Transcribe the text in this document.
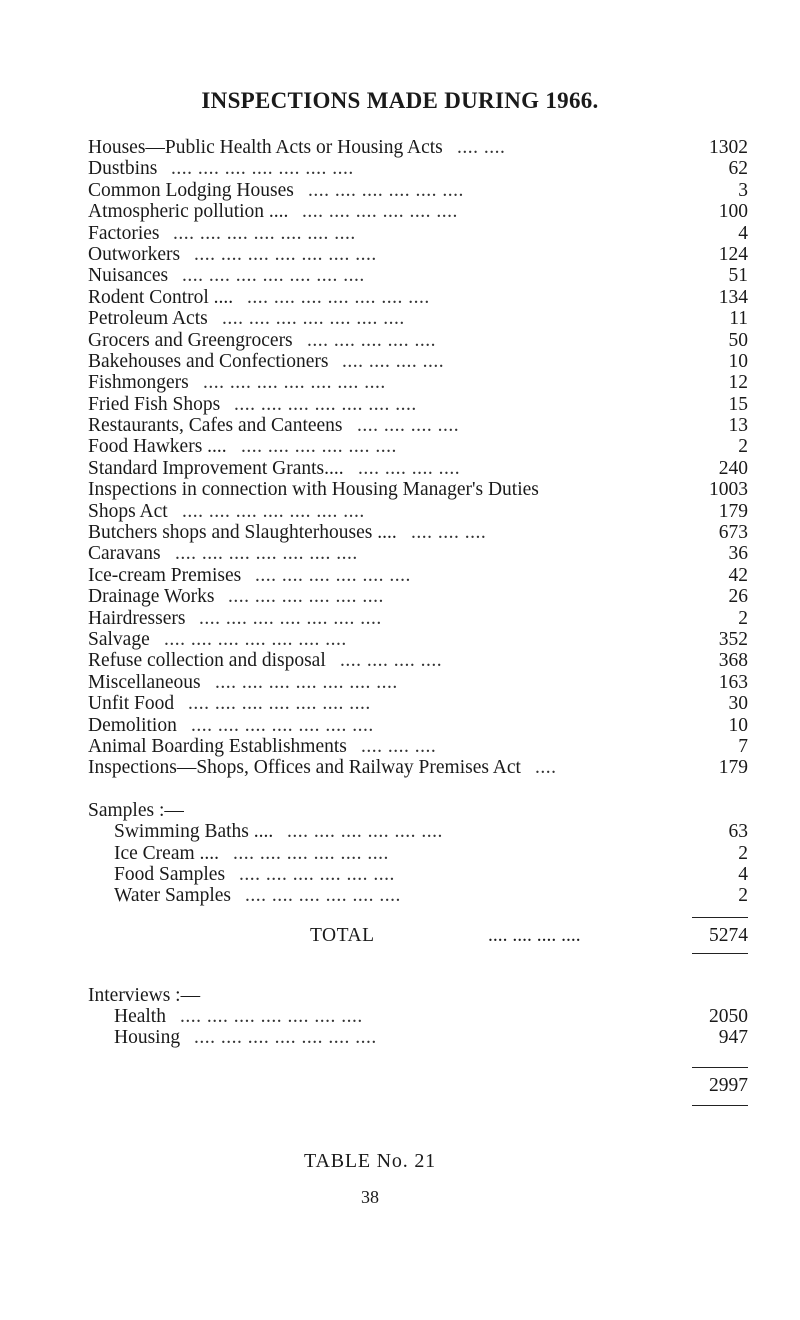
INSPECTIONS MADE DURING 1966.
Houses—Public Health Acts or Housing Acts .... ....	1302
Dustbins .... .... .... .... .... .... ....	62
Common Lodging Houses .... .... .... .... .... ....	3
Atmospheric pollution .... .... .... .... .... .... ....	100
Factories .... .... .... .... .... .... ....	4
Outworkers .... .... .... .... .... .... ....	124
Nuisances .... .... .... .... .... .... ....	51
Rodent Control .... .... .... .... .... .... .... ....	134
Petroleum Acts .... .... .... .... .... .... ....	11
Grocers and Greengrocers .... .... .... .... ....	50
Bakehouses and Confectioners .... .... .... ....	10
Fishmongers .... .... .... .... .... .... ....	12
Fried Fish Shops .... .... .... .... .... .... ....	15
Restaurants, Cafes and Canteens .... .... .... ....	13
Food Hawkers .... .... .... .... .... .... ....	2
Standard Improvement Grants.... .... .... .... ....	240
Inspections in connection with Housing Manager's Duties	1003
Shops Act .... .... .... .... .... .... ....	179
Butchers shops and Slaughterhouses .... .... .... ....	673
Caravans .... .... .... .... .... .... ....	36
Ice-cream Premises .... .... .... .... .... ....	42
Drainage Works .... .... .... .... .... ....	26
Hairdressers .... .... .... .... .... .... ....	2
Salvage .... .... .... .... .... .... ....	352
Refuse collection and disposal .... .... .... ....	368
Miscellaneous .... .... .... .... .... .... ....	163
Unfit Food .... .... .... .... .... .... ....	30
Demolition .... .... .... .... .... .... ....	10
Animal Boarding Establishments .... .... ....	7
Inspections—Shops, Offices and Railway Premises Act ....	179
Samples :—
Swimming Baths .... .... .... .... .... .... ....	63
Ice Cream .... .... .... .... .... .... ....	2
Food Samples .... .... .... .... .... ....	4
Water Samples .... .... .... .... .... ....	2
TOTAL	.... .... .... ....	5274
Interviews :—
Health .... .... .... .... .... .... ....	2050
Housing .... .... .... .... .... .... ....	947
2997
TABLE No. 21
38
